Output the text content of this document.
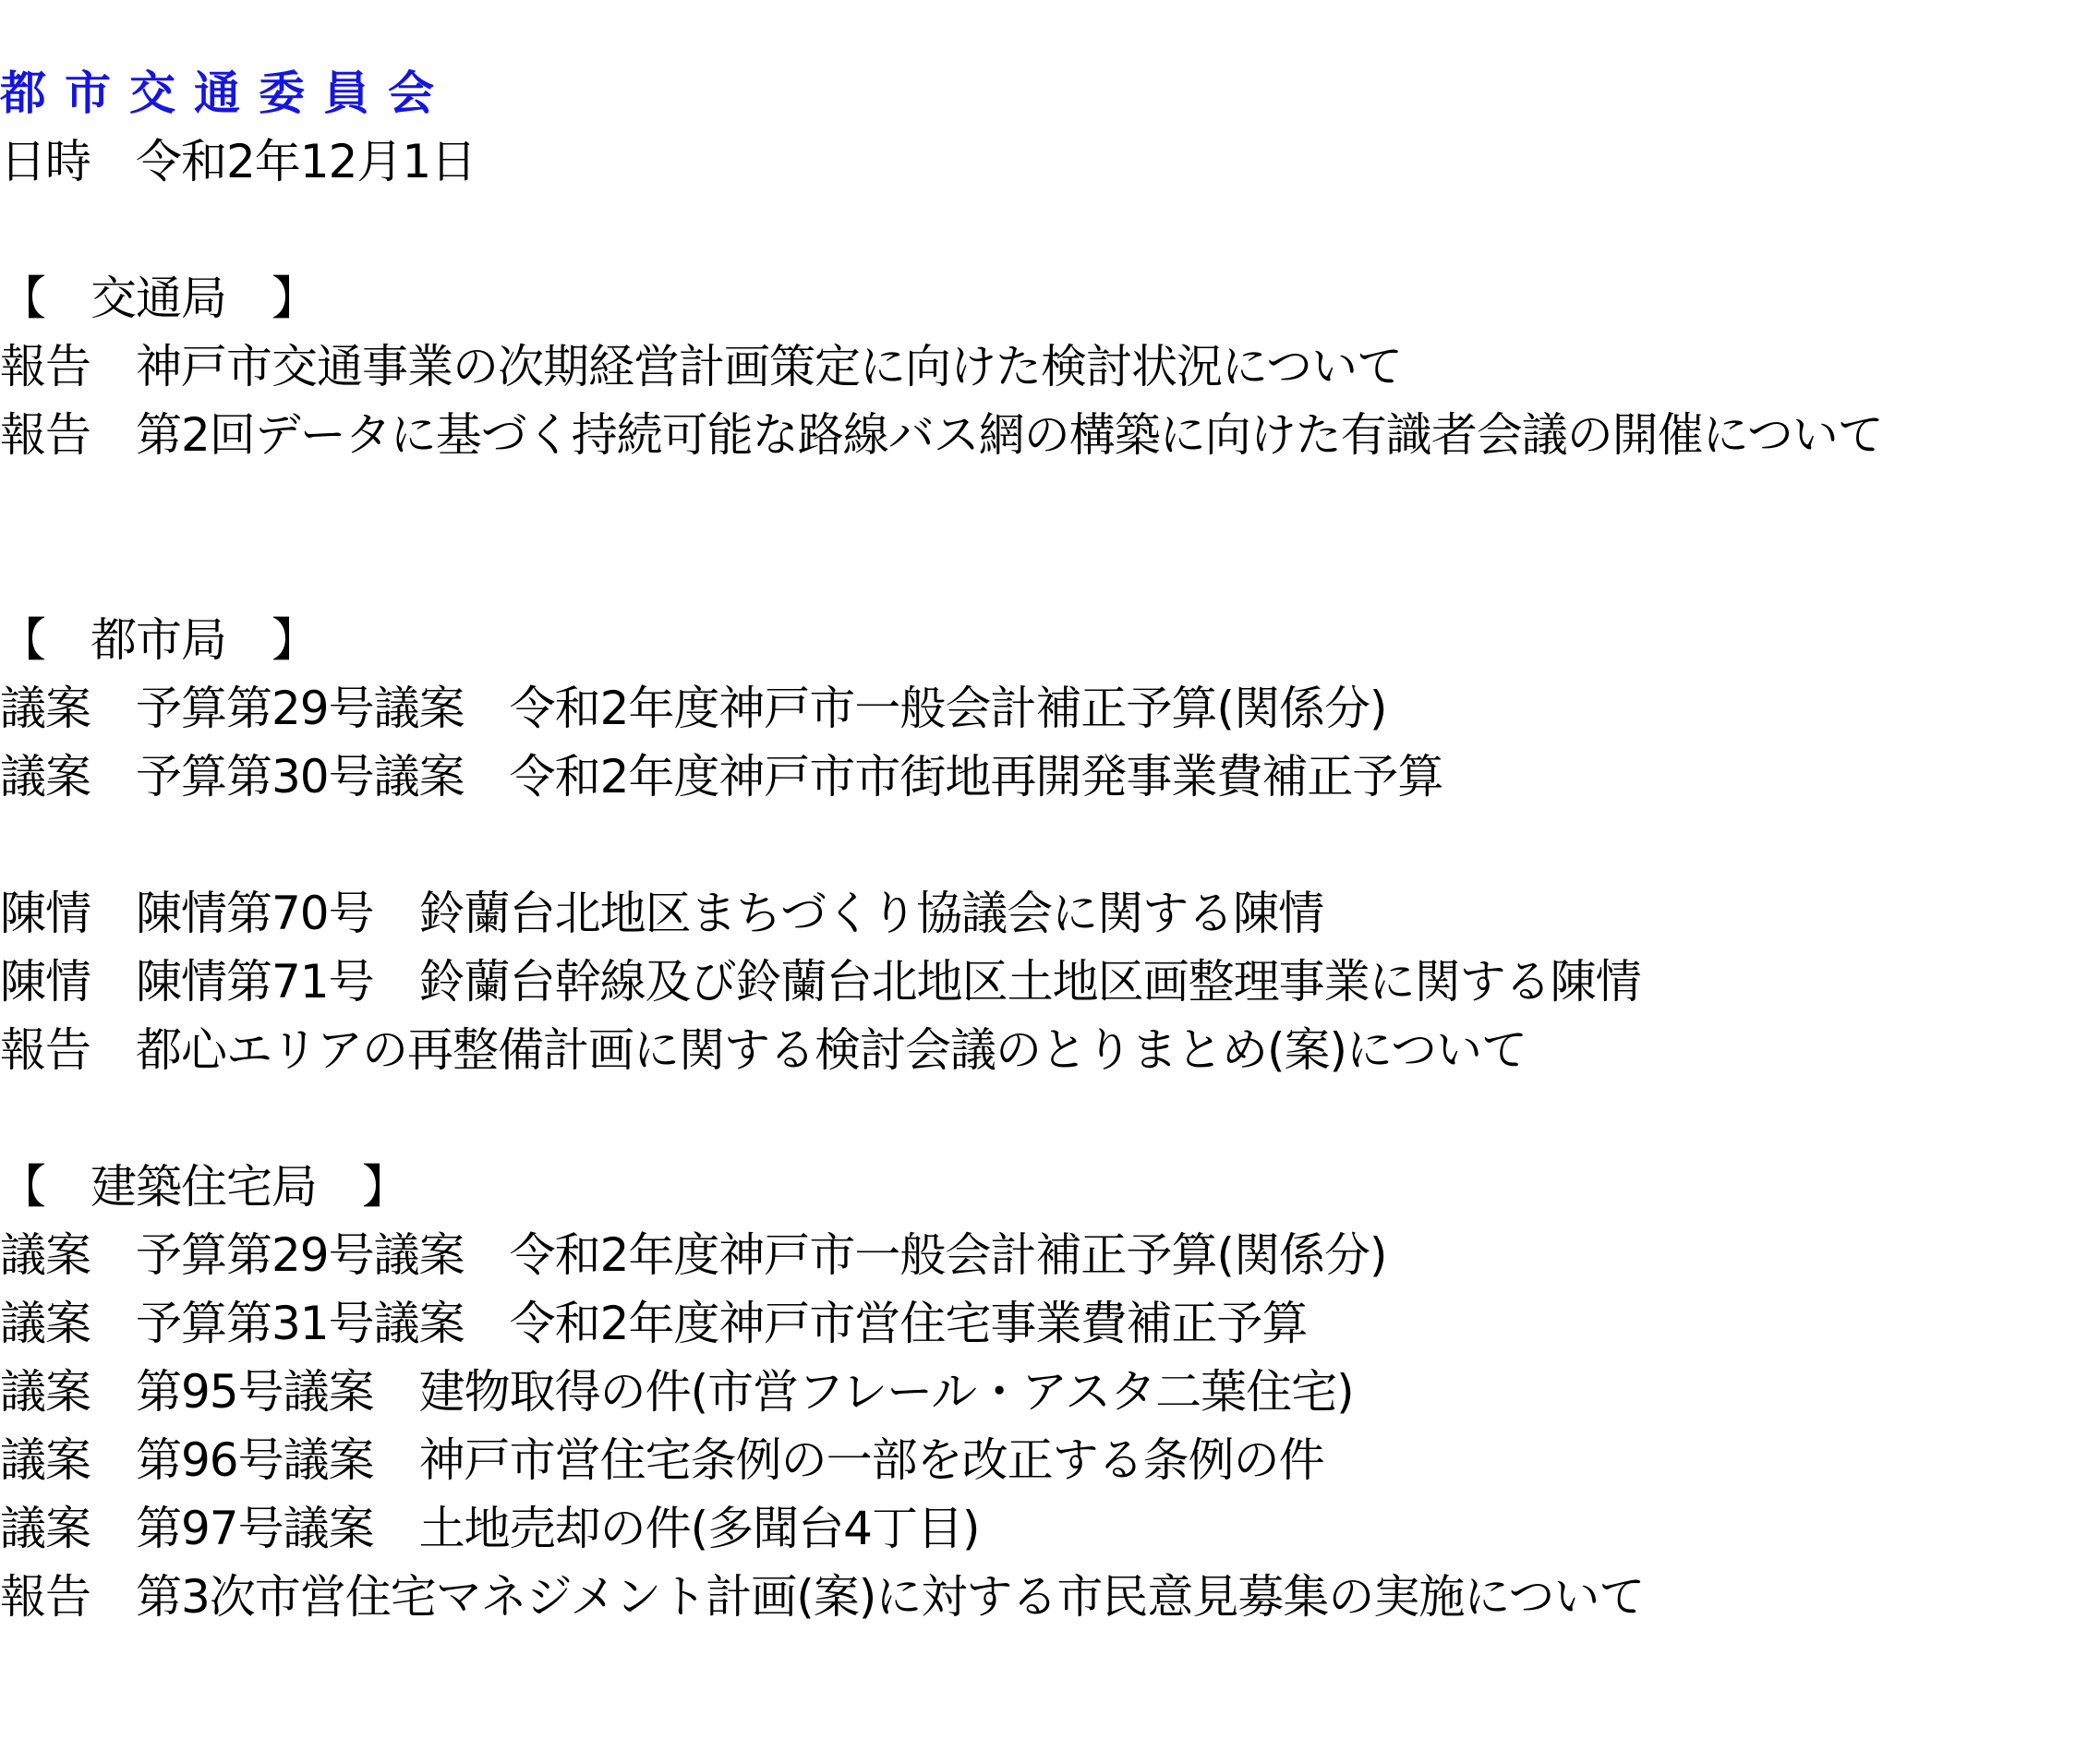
都市交通委員会
日時　令和2年12月1日
【　交通局　】
報告　神戸市交通事業の次期経営計画策定に向けた検討状況について
報告　第2回データに基づく持続可能な路線バス網の構築に向けた有識者会議の開催について
【　都市局　】
議案　予算第29号議案　令和2年度神戸市一般会計補正予算(関係分)
議案　予算第30号議案　令和2年度神戸市市街地再開発事業費補正予算
陳情　陳情第70号　鈴蘭台北地区まちづくり協議会に関する陳情
陳情　陳情第71号　鈴蘭台幹線及び鈴蘭台北地区土地区画整理事業に関する陳情
報告　都心エリアの再整備計画に関する検討会議のとりまとめ(案)について
【　建築住宅局　】
議案　予算第29号議案　令和2年度神戸市一般会計補正予算(関係分)
議案　予算第31号議案　令和2年度神戸市営住宅事業費補正予算
議案　第95号議案　建物取得の件(市営フレール・アスタ二葉住宅)
議案　第96号議案　神戸市営住宅条例の一部を改正する条例の件
議案　第97号議案　土地売却の件(多聞台4丁目)
報告　第3次市営住宅マネジメント計画(案)に対する市民意見募集の実施について
